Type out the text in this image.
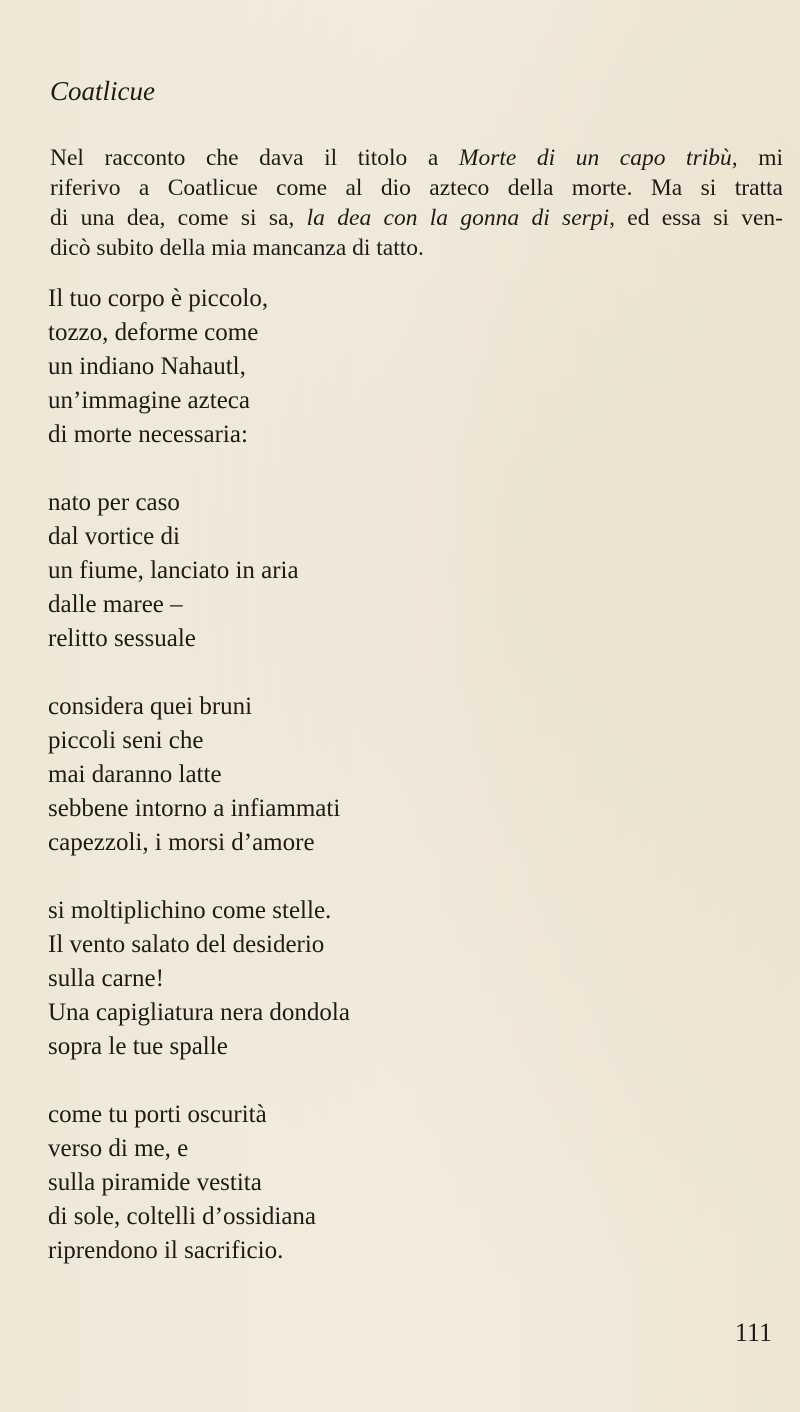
Coatlicue
Nel racconto che dava il titolo a Morte di un capo tribù, mi
riferivo a Coatlicue come al dio azteco della morte. Ma si tratta
di una dea, come si sa, la dea con la gonna di serpi, ed essa si ven-
dicò subito della mia mancanza di tatto.
Il tuo corpo è piccolo,
tozzo, deforme come
un indiano Nahautl,
un’immagine azteca
di morte necessaria:
nato per caso
dal vortice di
un fiume, lanciato in aria
dalle maree –
relitto sessuale
considera quei bruni
piccoli seni che
mai daranno latte
sebbene intorno a infiammati
capezzoli, i morsi d’amore
si moltiplichino come stelle.
Il vento salato del desiderio
sulla carne!
Una capigliatura nera dondola
sopra le tue spalle
come tu porti oscurità
verso di me, e
sulla piramide vestita
di sole, coltelli d’ossidiana
riprendono il sacrificio.

111
